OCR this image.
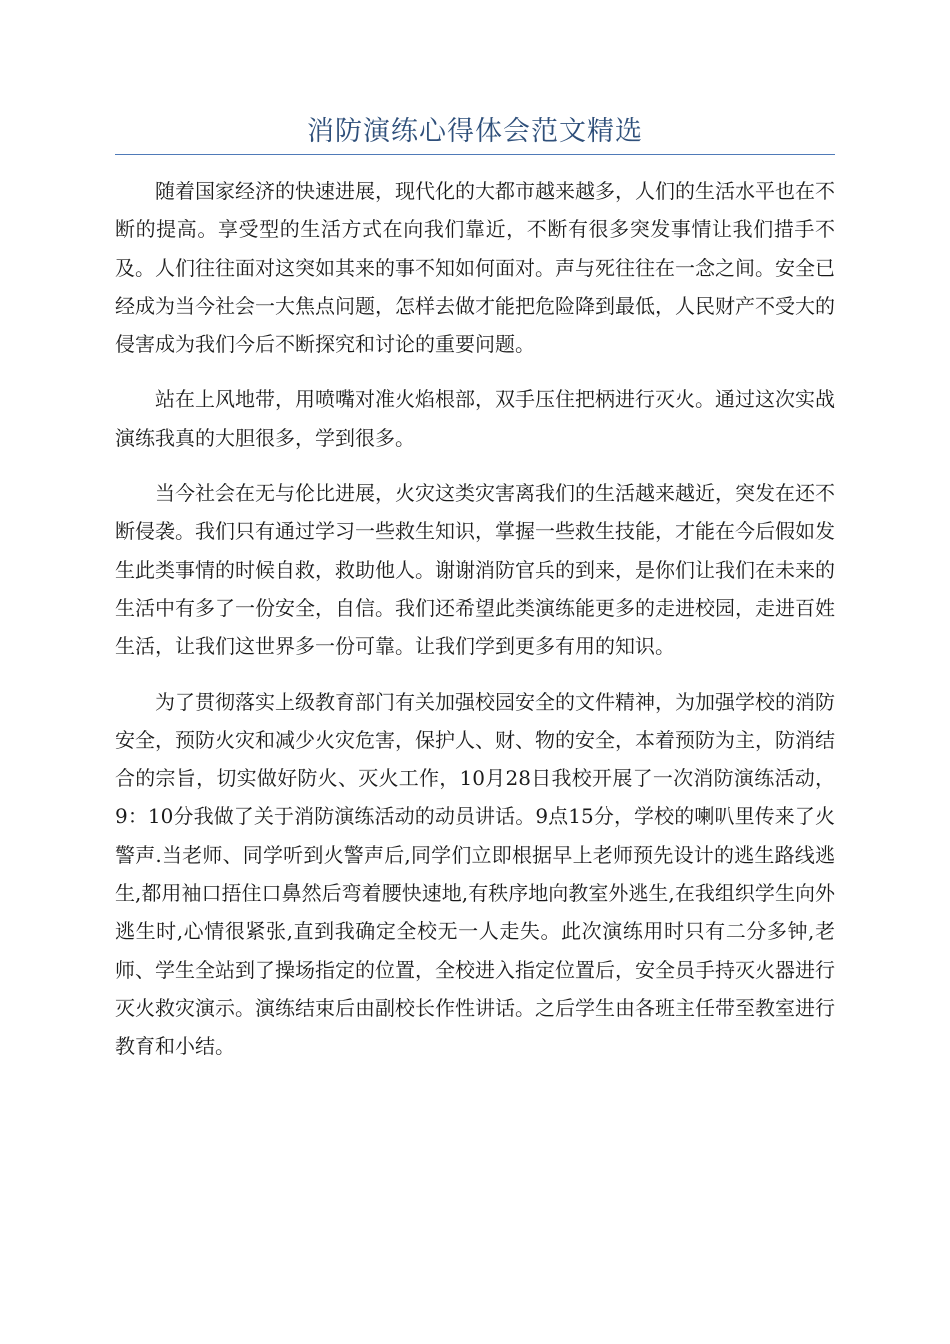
消防演练心得体会范文精选

随着国家经济的快速进展，现代化的大都市越来越多，人们的生活水平也在不断的提高。享受型的生活方式在向我们靠近，不断有很多突发事情让我们措手不及。人们往往面对这突如其来的事不知如何面对。声与死往往在一念之间。安全已经成为当今社会一大焦点问题，怎样去做才能把危险降到最低，人民财产不受大的侵害成为我们今后不断探究和讨论的重要问题。

站在上风地带，用喷嘴对准火焰根部，双手压住把柄进行灭火。通过这次实战演练我真的大胆很多，学到很多。

当今社会在无与伦比进展，火灾这类灾害离我们的生活越来越近，突发在还不断侵袭。我们只有通过学习一些救生知识，掌握一些救生技能，才能在今后假如发生此类事情的时候自救，救助他人。谢谢消防官兵的到来，是你们让我们在未来的生活中有多了一份安全，自信。我们还希望此类演练能更多的走进校园，走进百姓生活，让我们这世界多一份可靠。让我们学到更多有用的知识。

为了贯彻落实上级教育部门有关加强校园安全的文件精神，为加强学校的消防安全，预防火灾和减少火灾危害，保护人、财、物的安全，本着预防为主，防消结合的宗旨，切实做好防火、灭火工作，10月28日我校开展了一次消防演练活动，9：10分我做了关于消防演练活动的动员讲话。9点15分，学校的喇叭里传来了火警声.当老师、同学听到火警声后,同学们立即根据早上老师预先设计的逃生路线逃生,都用袖口捂住口鼻然后弯着腰快速地,有秩序地向教室外逃生,在我组织学生向外逃生时,心情很紧张,直到我确定全校无一人走失。此次演练用时只有二分多钟,老师、学生全站到了操场指定的位置，全校进入指定位置后，安全员手持灭火器进行灭火救灾演示。演练结束后由副校长作性讲话。之后学生由各班主任带至教室进行教育和小结。
